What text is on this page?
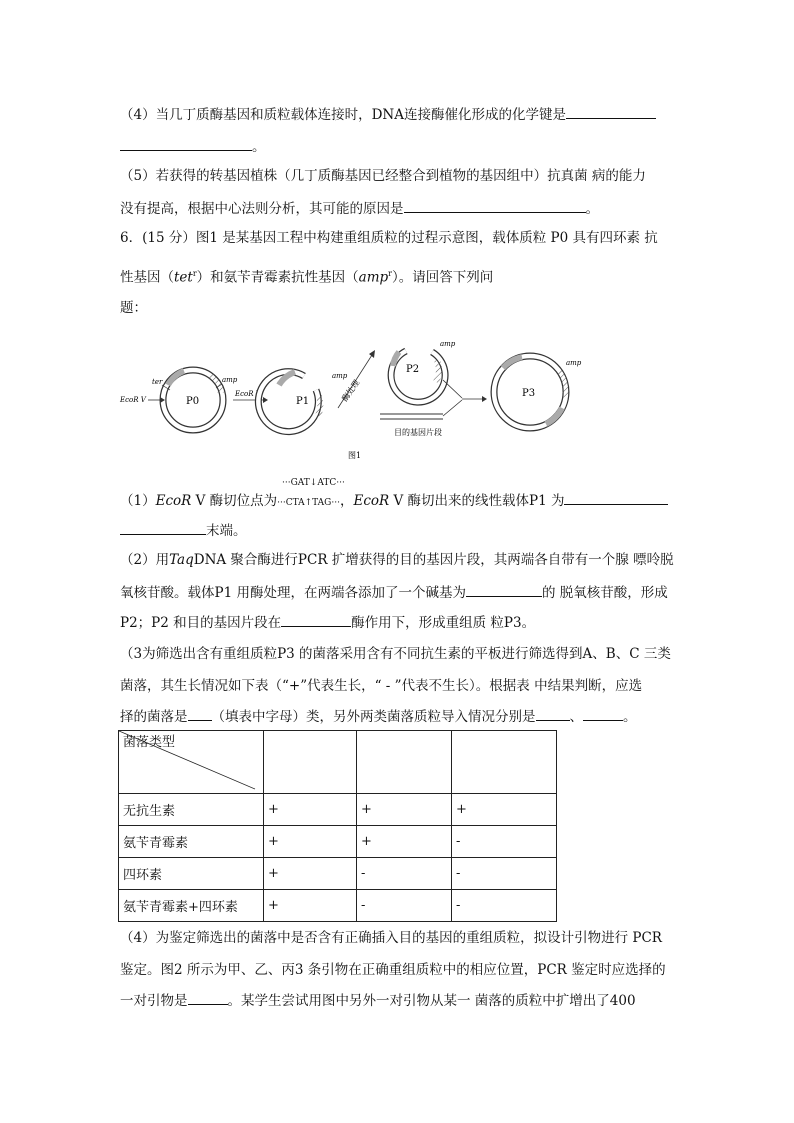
（4）当几丁质酶基因和质粒载体连接时，DNA连接酶催化形成的化学键是
。
（5）若获得的转基因植株（几丁质酶基因已经整合到植物的基因组中）抗真菌 病的能力
没有提高，根据中心法则分析，其可能的原因是	。
6．(15 分）图1 是某基因工程中构建重组质粒的过程示意图，载体质粒 P0 具有四环素 抗
性基因（tet$^r$）和氨苄青霉素抗性基因（amp$^r$）。请回答下列问
题：
P0
ter	amp
EcoR V
EcoR V
P1
amp
酶处理
P2
amp
目的基因片段
P3
amp
图1
···GAT↓ATC···
（1）EcoR V 酶切位点为···CTA↑TAG···，EcoR V 酶切出来的线性载体P1 为
末端。
（2）用TaqDNA 聚合酶进行PCR 扩增获得的目的基因片段，其两端各自带有一个腺 嘌呤脱
氧核苷酸。载体P1 用酶处理，在两端各添加了一个碱基为	的 脱氧核苷酸，形成
P2；P2 和目的基因片段在	酶作用下，形成重组质 粒P3。
（3为筛选出含有重组质粒P3 的菌落采用含有不同抗生素的平板进行筛选得到A、B、C 三类
菌落，其生长情况如下表（“+”代表生长，“ - ”代表不生长）。根据表 中结果判断，应选
择的菌落是 （填表中字母）类，另外两类菌落质粒导入情况分别是	、	。
菌落类型

无抗生素	+	+	+
氨苄青霉素	+	+	-
四环素	+	-	-
氨苄青霉素+四环素	+	-	-
（4）为鉴定筛选出的菌落中是否含有正确插入目的基因的重组质粒，拟设计引物进行 PCR
鉴定。图2 所示为甲、乙、丙3 条引物在正确重组质粒中的相应位置，PCR 鉴定时应选择的
一对引物是	。某学生尝试用图中另外一对引物从某一 菌落的质粒中扩增出了400
